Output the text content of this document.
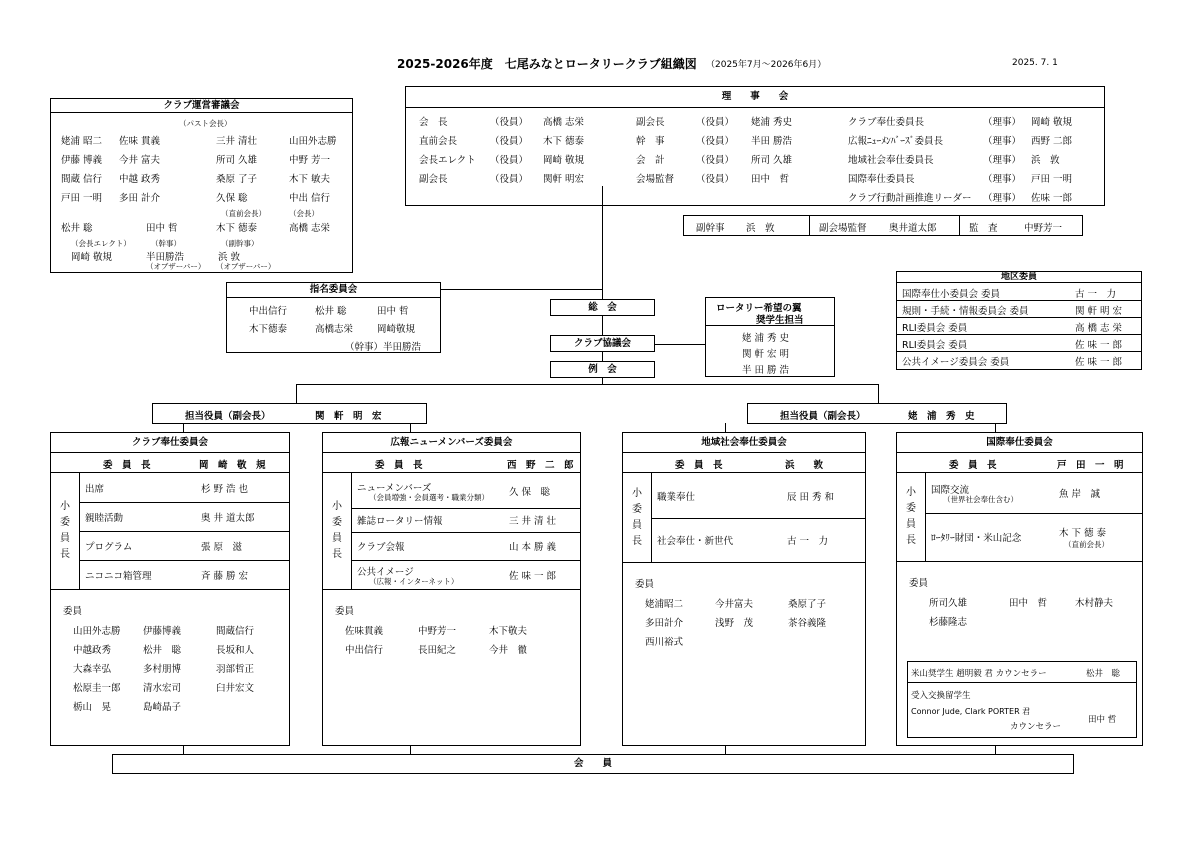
2025-2026年度　七尾みなとロータリークラブ組織図 （2025年7月～2026年6月）	2025. 7. 1
クラブ運営審議会
（パスト会長）
（直前会長）	（会長）
松井 聡	田中 哲	木下 德泰	高橋 志栄
（会長エレクト）	（幹事）	（副幹事）
岡崎 敬規	半田勝浩	浜 敦
（オブザーバー） （オブザーバー）
姥浦 昭二 佐味 貫義	三井 清壮	山田外志勝
伊藤 博義 今井 富夫	所司 久雄	中野 芳一
間蔵 信行 中越 政秀	桑原 了子	木下 敏夫
戸田 一明 多田 計介	久保 聡	中出 信行
理　　事　　会
会　長	（役員） 高橋 志栄
直前会長	（役員） 木下 德泰
会長エレクト （役員） 岡崎 敬規
副会長	（役員） 関軒 明宏
副会長	（役員） 姥浦 秀史
幹　事	（役員） 半田 勝浩
会　計	（役員） 所司 久雄
会場監督 （役員） 田中　哲
クラブ奉仕委員長	（理事） 岡崎 敬規
広報ﾆｭｰﾒﾝﾊﾞｰｽﾞ委員長	（理事） 西野 二郎
地域社会奉仕委員長	（理事） 浜　敦
国際奉仕委員長	（理事） 戸田 一明
クラブ行動計画推進リーダー （理事） 佐味 一郎
副幹事 浜　敦	副会場監督 奥井道太郎	監　査	中野芳一
指名委員会
中出信行	松井 聡	田中 哲
木下德泰	高橋志栄	岡崎敬規
（幹事）半田勝浩
総　会
クラブ協議会
例　会
ロータリー希望の翼
奨学生担当
姥 浦 秀 史
関 軒 宏 明
半 田 勝 浩
地区委員
国際奉仕小委員会 委員	古 一　力
規則・手続・情報委員会 委員	関 軒 明 宏
RLI委員会 委員	高 橋 志 栄
RLI委員会 委員	佐 味 一 郎
公共イメージ委員会 委員	佐 味 一 郎
担当役員（副会長）	関　軒　明　宏	担当役員（副会長）	姥　浦　秀　史
クラブ奉仕委員会
委　員　長	岡　崎　敬　規
小委員長
出席	杉 野 浩 也
親睦活動	奥 井 道太郎
プログラム	張 原　滋
ニコニコ箱管理	斉 藤 勝 宏
委員
山田外志勝 伊藤博義	間蔵信行
中越政秀	松井　聡	長坂和人
大森幸弘	多村朋博	羽部哲正
松原圭一郎 清水宏司	臼井宏文
栃山　晃	島崎晶子
広報ニューメンバーズ委員会
委　員　長	西　野　二　郎
小委員長
ニューメンバーズ
（会員増強・会員選考・職業分類） 久 保　聡
雑誌ロータリー情報	三 井 清 壮
クラブ会報	山 本 勝 義
公共イメージ
（広報・インターネット）	佐 味 一 郎
委員
佐味貫義	中野芳一	木下敬夫
中出信行	長田紀之	今井　徹
地域社会奉仕委員会
委　員　長	浜　　敦
小委員長
職業奉仕	辰 田 秀 和
社会奉仕・新世代	古 一　力
委員
姥浦昭二	今井富夫	桑原了子
多田計介	浅野　茂	茶谷義隆
西川裕式
国際奉仕委員会
委　員　長	戸　田　一　明
小委員長
国際交流
（世界社会奉仕含む）	魚 岸　誠
ﾛｰﾀﾘｰ財団・米山記念	木 下 德 泰
（直前会長）
委員
所司久雄	田中　哲	木村静夫
杉藤隆志
米山奨学生 趙明毅 君 カウンセラー	松井　聡
受入交換留学生
Connor Jude, Clark PORTER 君
カウンセラー
田中 哲
会　　員
